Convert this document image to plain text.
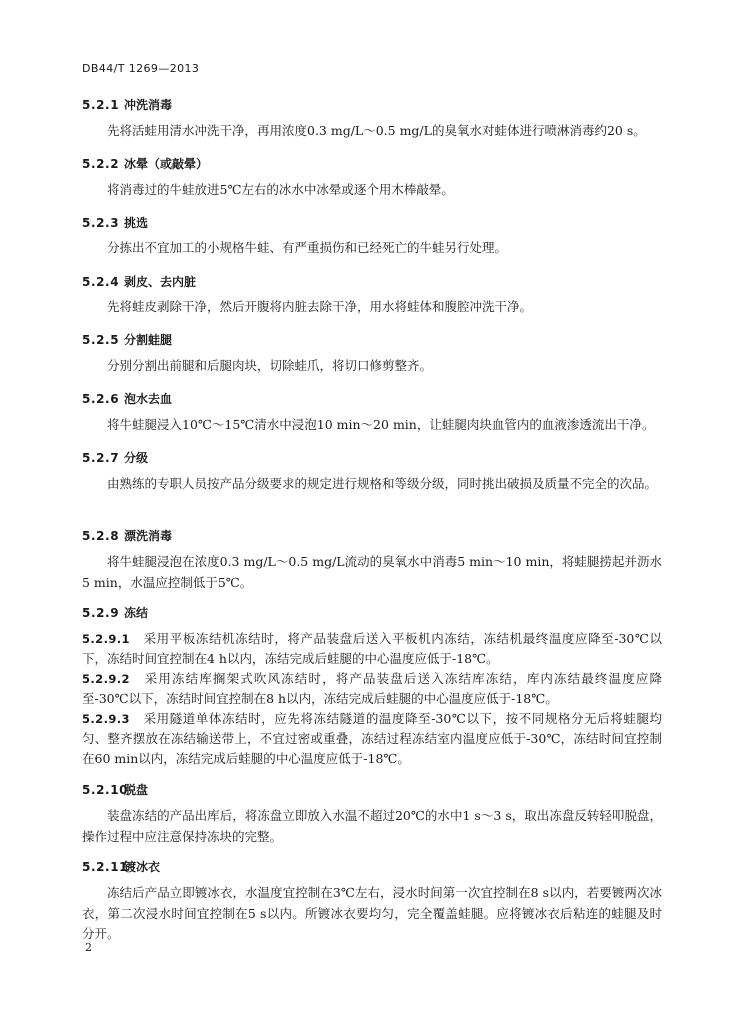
DB44/T 1269—2013
5.2.1 冲洗消毒
先将活蛙用清水冲洗干净，再用浓度0.3 mg/L～0.5 mg/L的臭氧水对蛙体进行喷淋消毒约20 s。
5.2.2 冰晕（或敲晕）
将消毒过的牛蛙放进5℃左右的冰水中冰晕或逐个用木棒敲晕。
5.2.3 挑选
分拣出不宜加工的小规格牛蛙、有严重损伤和已经死亡的牛蛙另行处理。
5.2.4 剥皮、去内脏
先将蛙皮剥除干净，然后开腹将内脏去除干净，用水将蛙体和腹腔冲洗干净。
5.2.5 分割蛙腿
分别分割出前腿和后腿肉块，切除蛙爪，将切口修剪整齐。
5.2.6 泡水去血
将牛蛙腿浸入10℃～15℃清水中浸泡10 min～20 min，让蛙腿肉块血管内的血液渗透流出干净。
5.2.7 分级
由熟练的专职人员按产品分级要求的规定进行规格和等级分级，同时挑出破损及质量不完全的次品。
5.2.8 漂洗消毒
将牛蛙腿浸泡在浓度0.3 mg/L～0.5 mg/L流动的臭氧水中消毒5 min～10 min，将蛙腿捞起并沥水5 min，水温应控制低于5℃。
5.2.9 冻结
5.2.9.1　 采用平板冻结机冻结时，将产品装盘后送入平板机内冻结，冻结机最终温度应降至-30℃以下，冻结时间宜控制在4 h以内，冻结完成后蛙腿的中心温度应低于-18℃。
5.2.9.2　 采用冻结库搁架式吹风冻结时，将产品装盘后送入冻结库冻结，库内冻结最终温度应降至-30℃以下，冻结时间宜控制在8 h以内，冻结完成后蛙腿的中心温度应低于-18℃。
5.2.9.3　 采用隧道单体冻结时，应先将冻结隧道的温度降至-30℃以下，按不同规格分无后将蛙腿均匀、整齐摆放在冻结输送带上，不宜过密或重叠，冻结过程冻结室内温度应低于-30℃，冻结时间宜控制在60 min以内，冻结完成后蛙腿的中心温度应低于-18℃。
5.2.10脱盘
装盘冻结的产品出库后，将冻盘立即放入水温不超过20℃的水中1 s～3 s，取出冻盘反转轻叩脱盘，操作过程中应注意保持冻块的完整。
5.2.11镀冰衣
冻结后产品立即镀冰衣，水温度宜控制在3℃左右，浸水时间第一次宜控制在8 s以内，若要镀两次冰衣，第二次浸水时间宜控制在5 s以内。所镀冰衣要均匀，完全覆盖蛙腿。应将镀冰衣后粘连的蛙腿及时分开。
2
